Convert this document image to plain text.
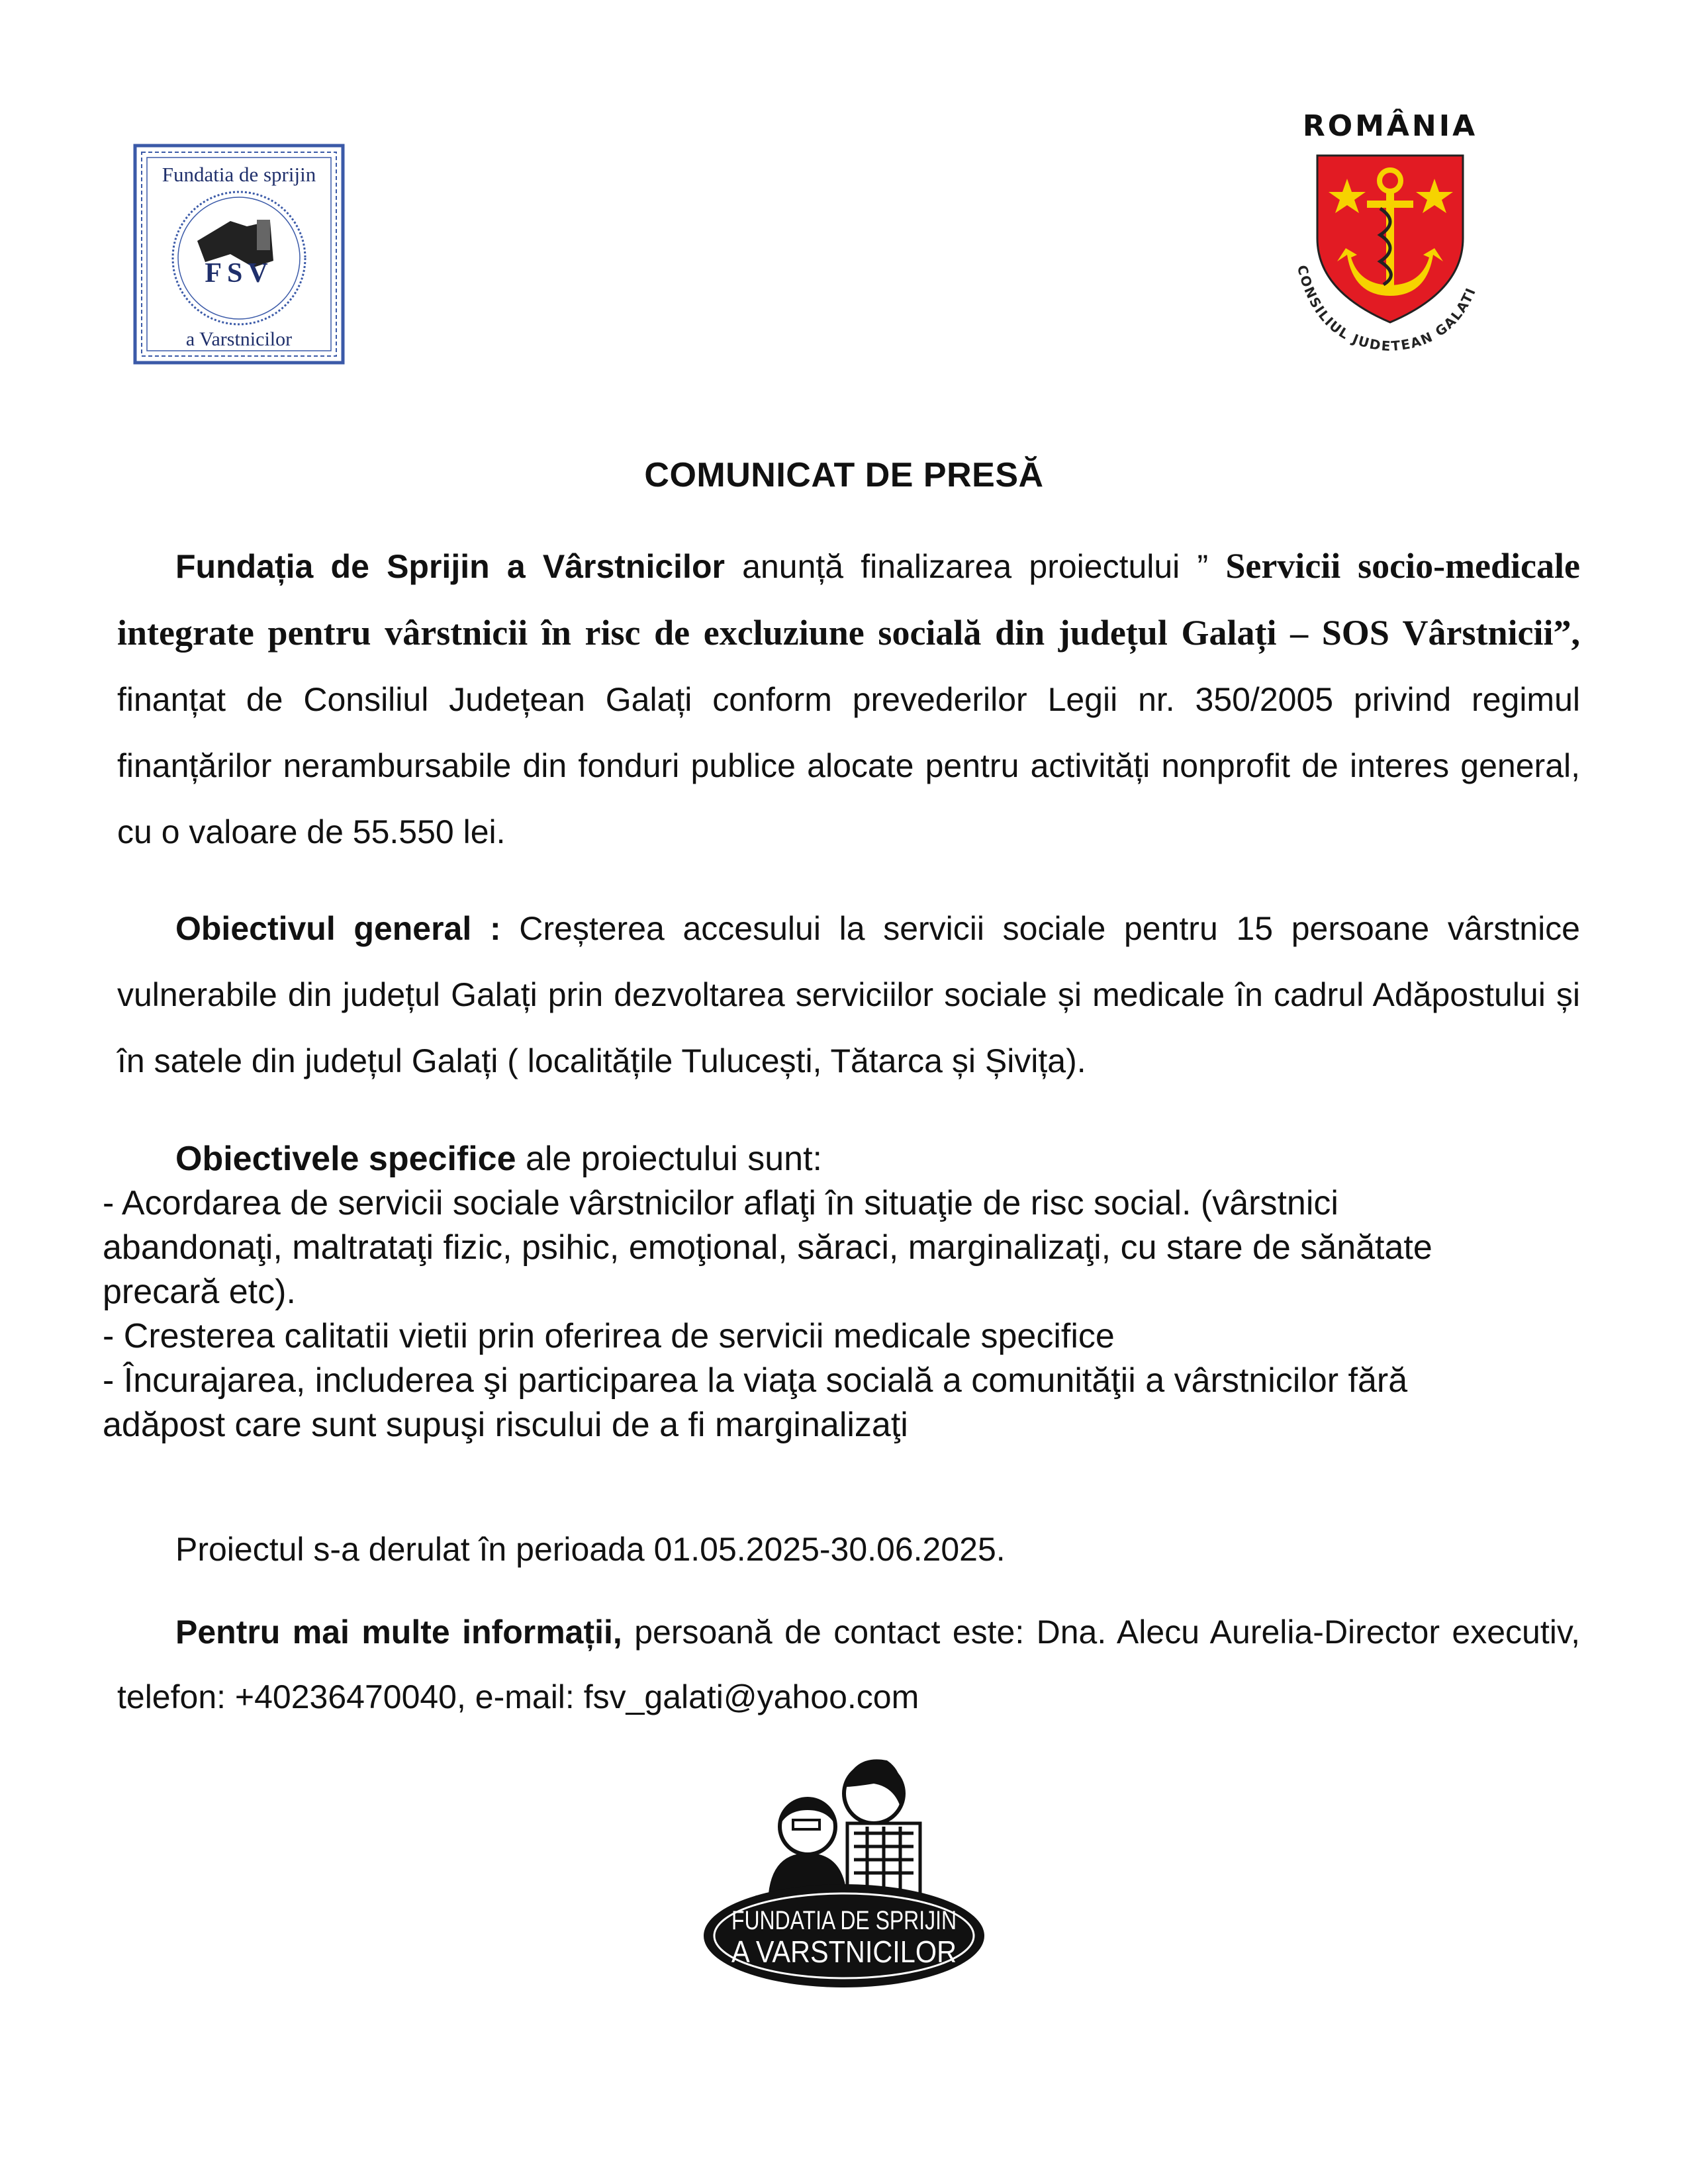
Fundatia de sprijin
FSV
a Varstnicilor
ROMÂNIA
CONSILIUL JUDETEAN GALATI
COMUNICAT DE PRESĂ
Fundația de Sprijin a Vârstnicilor anunță finalizarea proiectului ” Servicii socio-medicale integrate pentru vârstnicii în risc de excluziune socială din județul Galați – SOS Vârstnicii”, finanțat de Consiliul Județean Galați conform prevederilor Legii nr. 350/2005 privind regimul finanțărilor nerambursabile din fonduri publice alocate pentru activități nonprofit de interes general, cu o valoare de 55.550 lei.
Obiectivul general : Creșterea accesului la servicii sociale pentru 15 persoane vârstnice vulnerabile din județul Galați prin dezvoltarea serviciilor sociale și medicale în cadrul Adăpostului și în satele din județul Galați ( localitățile Tulucești, Tătarca și Șivița).
Obiectivele specifice ale proiectului sunt:
- Acordarea de servicii sociale vârstnicilor aflaţi în situaţie de risc social. (vârstnici
abandonaţi, maltrataţi fizic, psihic, emoţional, săraci, marginalizaţi, cu stare de sănătate
precară etc).
- Cresterea calitatii vietii prin oferirea de servicii medicale specifice
- Încurajarea, includerea şi participarea la viaţa socială a comunităţii a vârstnicilor fără
adăpost care sunt supuşi riscului de a fi marginalizaţi
Proiectul s-a derulat în perioada 01.05.2025-30.06.2025.
Pentru mai multe informații, persoană de contact este: Dna. Alecu Aurelia-Director executiv, telefon: +40236470040, e-mail: fsv_galati@yahoo.com
FUNDATIA DE SPRIJIN
A VARSTNICILOR
